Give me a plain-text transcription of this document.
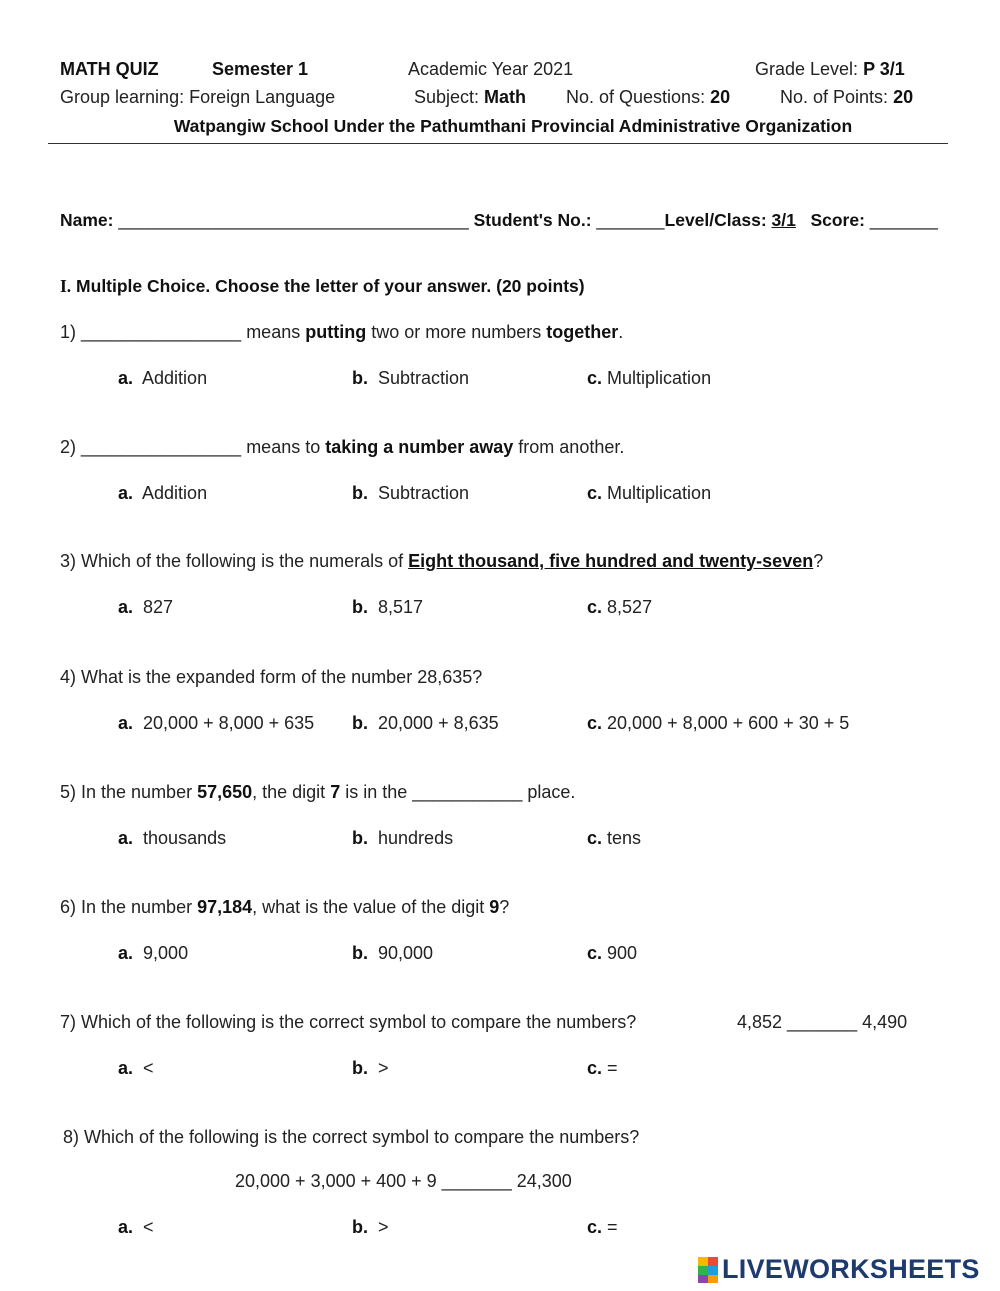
MATH QUIZ	Semester 1	Academic Year 2021	Grade Level: P 3/1
Group learning: Foreign Language	Subject: Math No. of Questions: 20	No. of Points: 20
Watpangiw School Under the Pathumthani Provincial Administrative Organization
Name: ____________________________________ Student's No.: _______Level/Class: 3/1 Score: _______
I. Multiple Choice. Choose the letter of your answer. (20 points)
1) ________________ means putting two or more numbers together.
a. Addition	b. Subtraction	c. Multiplication
2) ________________ means to taking a number away from another.
a. Addition	b. Subtraction	c. Multiplication
3) Which of the following is the numerals of Eight thousand, five hundred and twenty-seven?
a. 827	b. 8,517	c. 8,527
4) What is the expanded form of the number 28,635?
a. 20,000 + 8,000 + 635 b. 20,000 + 8,635	c. 20,000 + 8,000 + 600 + 30 + 5
5) In the number 57,650, the digit 7 is in the ___________ place.
a. thousands	b. hundreds	c. tens
6) In the number 97,184, what is the value of the digit 9?
a. 9,000	b. 90,000	c. 900
7) Which of the following is the correct symbol to compare the numbers?	4,852 _______ 4,490
a. <	b. >	c. =
8) Which of the following is the correct symbol to compare the numbers?
20,000 + 3,000 + 400 + 9 _______ 24,300
a. <	b. >	c. =
LIVEWORKSHEETS
